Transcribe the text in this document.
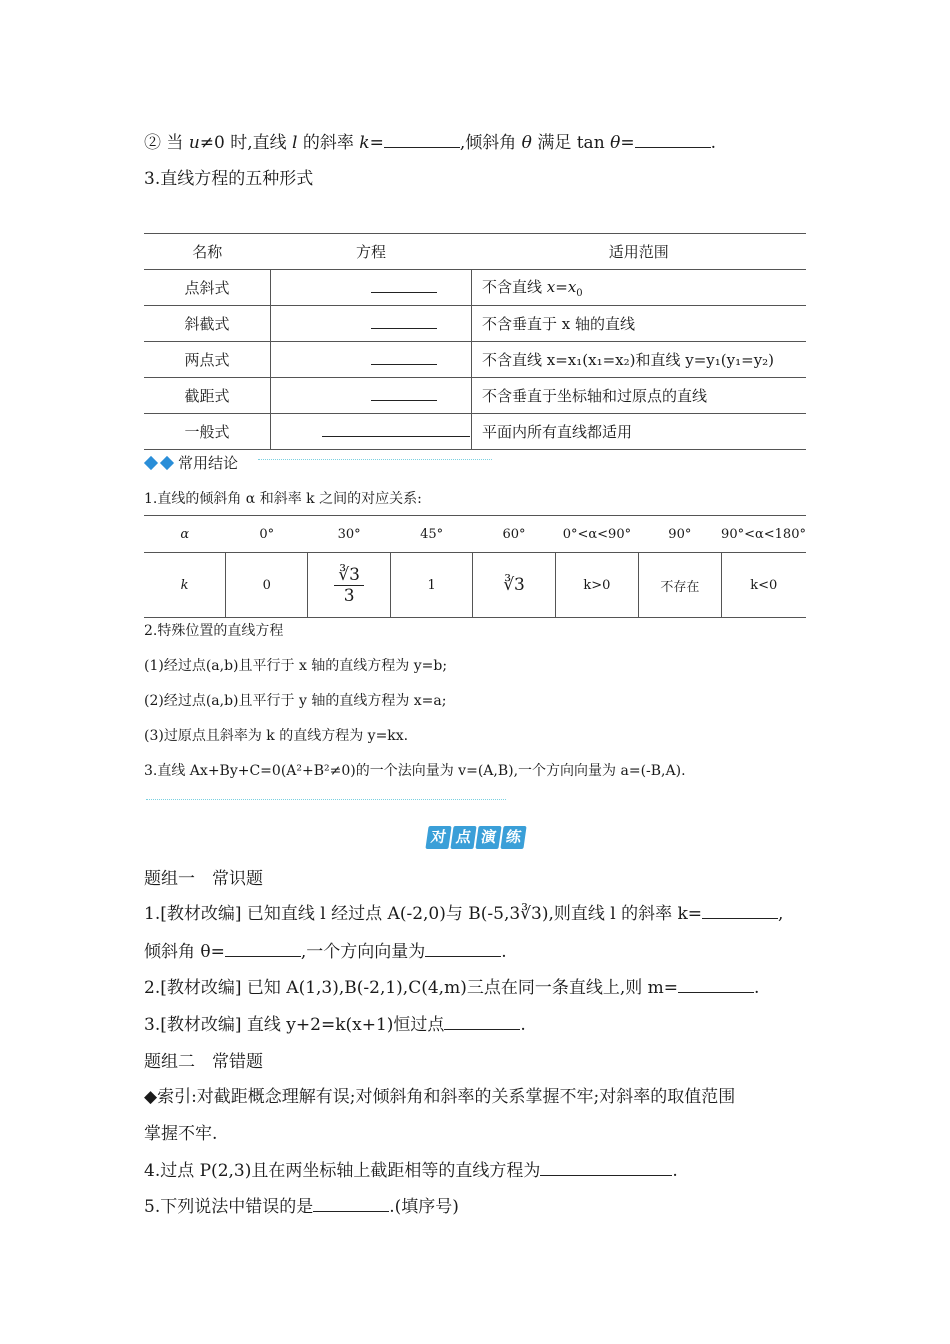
② 当 u≠0 时,直线 l 的斜率 k=	,倾斜角 θ 满足 tan θ=	.
3.直线方程的五种形式
名称	方程	适用范围
点斜式		不含直线 $x=x_0$
斜截式		不含垂直于 x 轴的直线
两点式		不含直线 x=x₁(x₁=x₂)和直线 y=y₁(y₁=y₂)
截距式		不含垂直于坐标轴和过原点的直线
一般式		平面内所有直线都适用
常用结论
1.直线的倾斜角 α 和斜率 k 之间的对应关系:
α	0°	30°	45°	60°	0°<α<90°	90°	90°<α<180°
k	0	$\frac{∛3}{3}$	1	∛3	k>0	不存在	k<0
2.特殊位置的直线方程
(1)经过点(a,b)且平行于 x 轴的直线方程为 y=b;
(2)经过点(a,b)且平行于 y 轴的直线方程为 x=a;
(3)过原点且斜率为 k 的直线方程为 y=kx.
3.直线 Ax+By+C=0(A²+B²≠0)的一个法向量为 v=(A,B),一个方向向量为 a=(-B,A).
对 点 演 练
题组一　常识题
1.[教材改编] 已知直线 l 经过点 A(-2,0)与 B(-5,3∛3),则直线 l 的斜率 k=	,
倾斜角 θ=	,一个方向向量为	.
2.[教材改编] 已知 A(1,3),B(-2,1),C(4,m)三点在同一条直线上,则 m=	.
3.[教材改编] 直线 y+2=k(x+1)恒过点	.
题组二　常错题
◆索引:对截距概念理解有误;对倾斜角和斜率的关系掌握不牢;对斜率的取值范围
掌握不牢.
4.过点 P(2,3)且在两坐标轴上截距相等的直线方程为	.
5.下列说法中错误的是	.(填序号)
